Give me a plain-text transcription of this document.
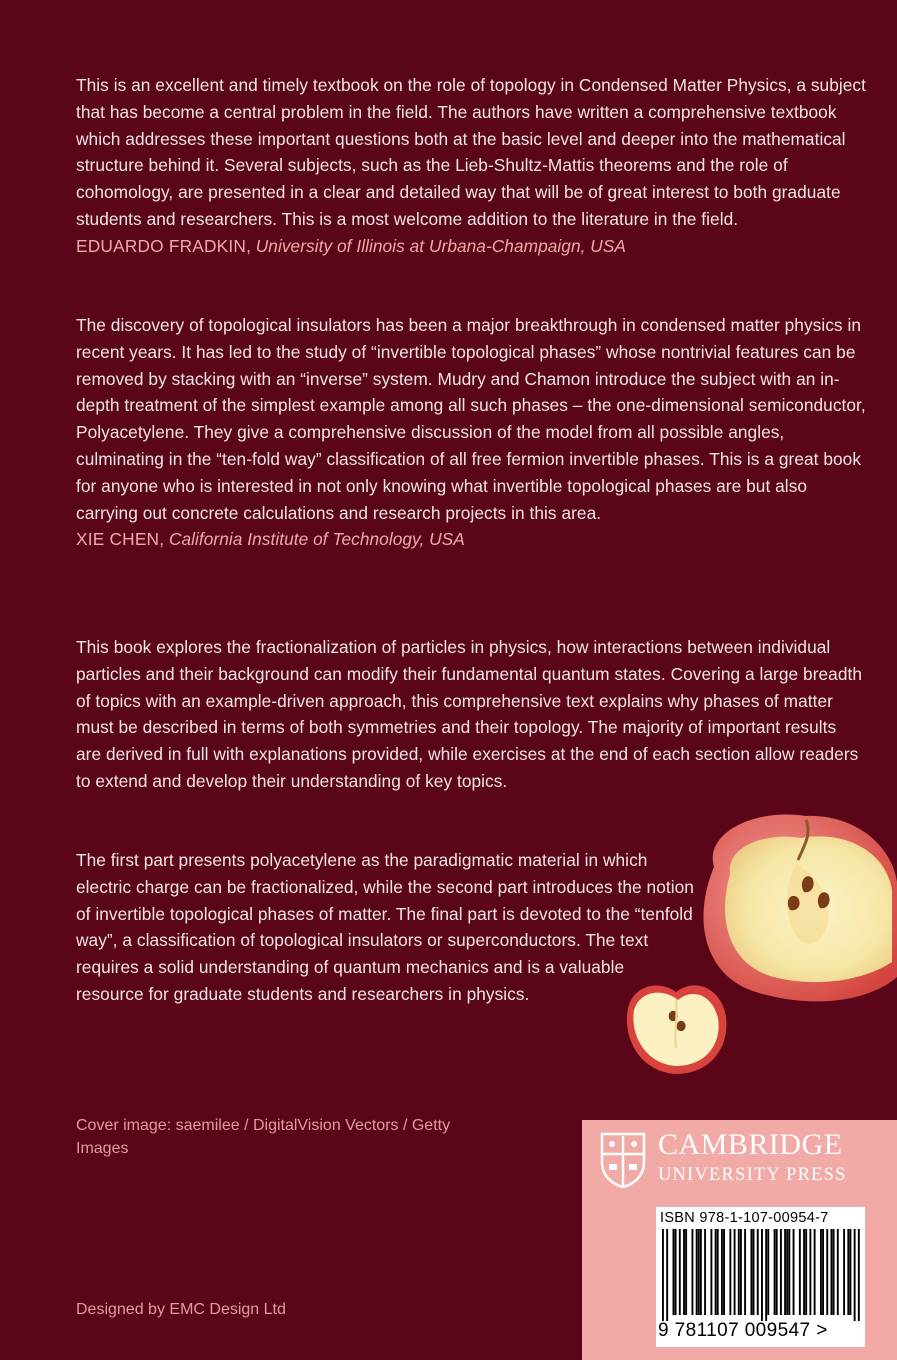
This is an excellent and timely textbook on the role of topology in Condensed Matter Physics, a subject that has become a central problem in the field. The authors have written a comprehensive textbook which addresses these important questions both at the basic level and deeper into the mathematical structure behind it. Several subjects, such as the Lieb-Shultz-Mattis theorems and the role of cohomology, are presented in a clear and detailed way that will be of great interest to both graduate students and researchers. This is a most welcome addition to the literature in the field.

EDUARDO FRADKIN, University of Illinois at Urbana-Champaign, USA

The discovery of topological insulators has been a major breakthrough in condensed matter physics in recent years. It has led to the study of “invertible topological phases” whose nontrivial features can be removed by stacking with an “inverse” system. Mudry and Chamon introduce the subject with an in-depth treatment of the simplest example among all such phases – the one-dimensional semiconductor, Polyacetylene. They give a comprehensive discussion of the model from all possible angles, culminating in the “ten-fold way” classification of all free fermion invertible phases. This is a great book for anyone who is interested in not only knowing what invertible topological phases are but also carrying out concrete calculations and research projects in this area.

XIE CHEN, California Institute of Technology, USA

This book explores the fractionalization of particles in physics, how interactions between individual particles and their background can modify their fundamental quantum states. Covering a large breadth of topics with an example-driven approach, this comprehensive text explains why phases of matter must be described in terms of both symmetries and their topology. The majority of important results are derived in full with explanations provided, while exercises at the end of each section allow readers to extend and develop their understanding of key topics.

The first part presents polyacetylene as the paradigmatic material in which electric charge can be fractionalized, while the second part introduces the notion of invertible topological phases of matter. The final part is devoted to the “tenfold way”, a classification of topological insulators or superconductors. The text requires a solid understanding of quantum mechanics and is a valuable resource for graduate students and researchers in physics.

Cover image: saemilee / DigitalVision Vectors / Getty Images
Designed by EMC Design Ltd
CAMBRIDGE
UNIVERSITY PRESS
ISBN 978-1-107-00954-7
9 781107 009547 >
